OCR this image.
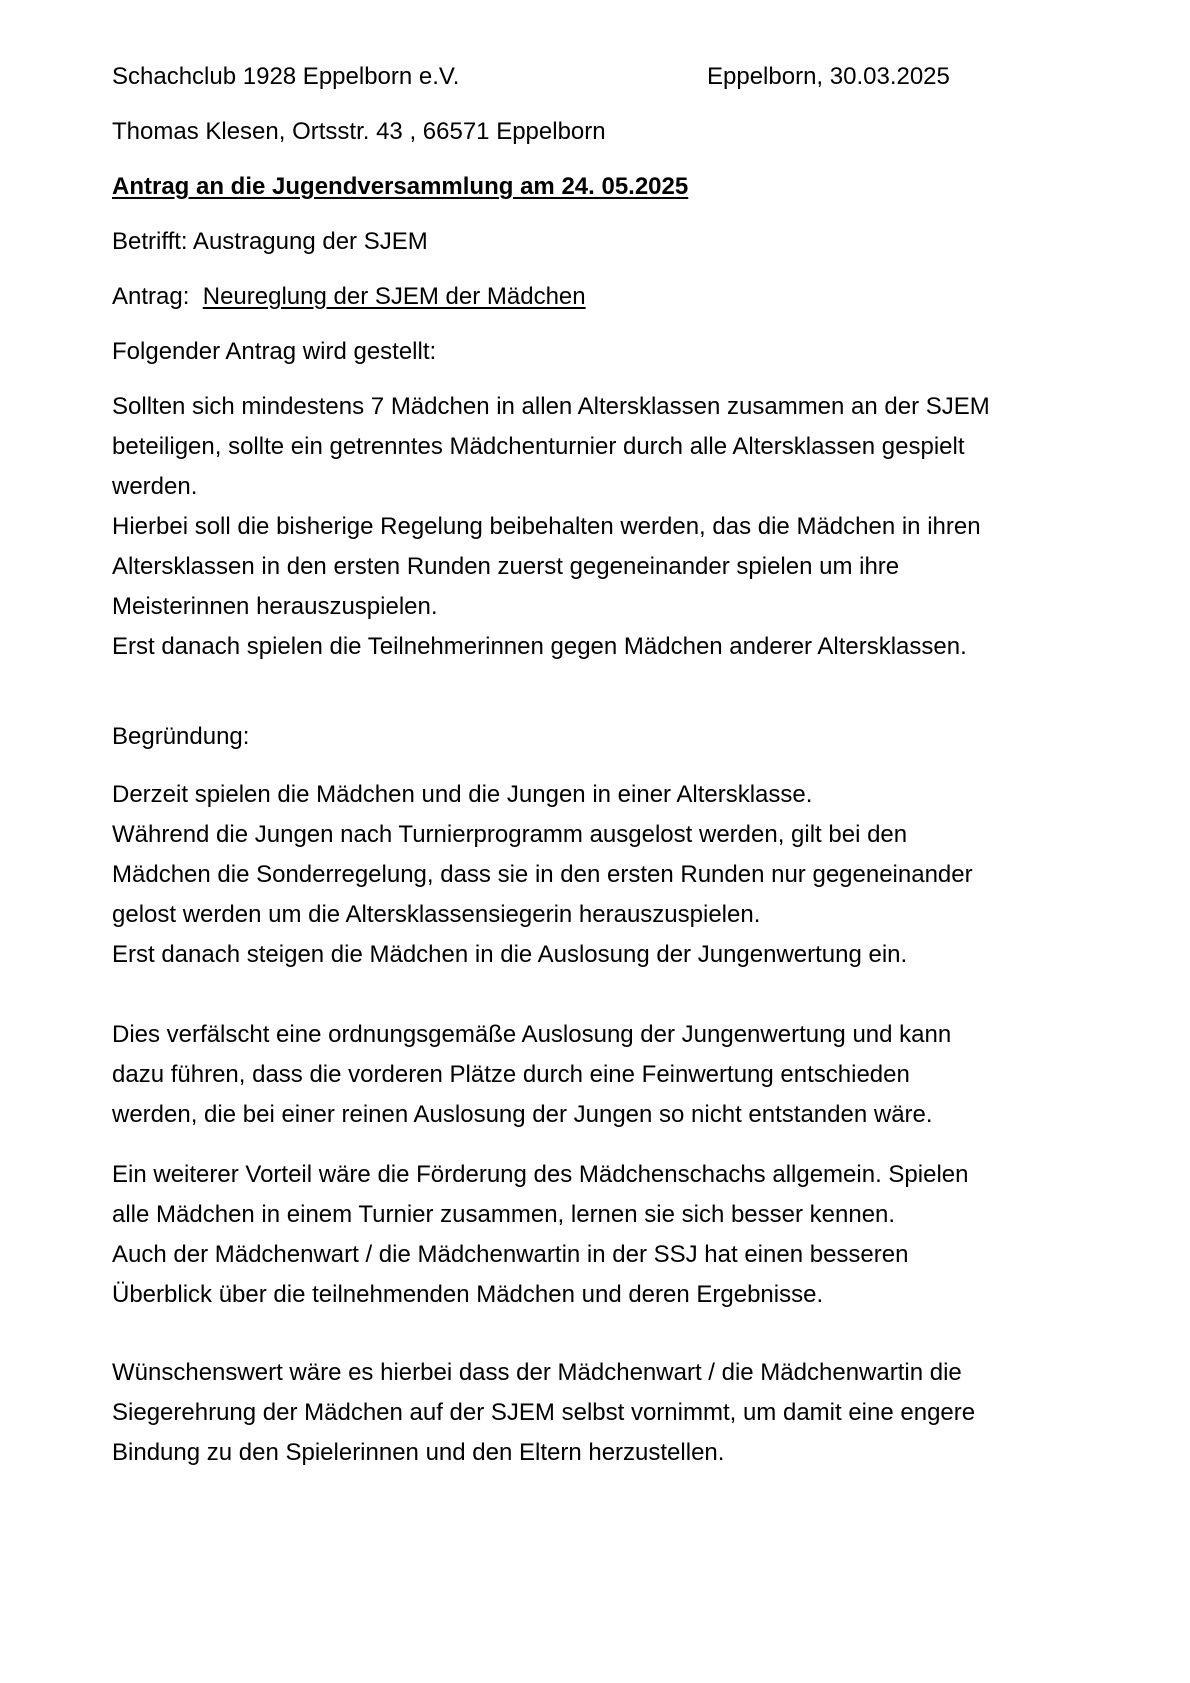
Schachclub 1928 Eppelborn e.V.	Eppelborn, 30.03.2025
Thomas Klesen, Ortsstr. 43 , 66571 Eppelborn
Antrag an die Jugendversammlung am 24. 05.2025
Betrifft: Austragung der SJEM
Antrag: Neureglung der SJEM der Mädchen
Folgender Antrag wird gestellt:
Sollten sich mindestens 7 Mädchen in allen Altersklassen zusammen an der SJEM
beteiligen, sollte ein getrenntes Mädchenturnier durch alle Altersklassen gespielt
werden.
Hierbei soll die bisherige Regelung beibehalten werden, das die Mädchen in ihren
Altersklassen in den ersten Runden zuerst gegeneinander spielen um ihre
Meisterinnen herauszuspielen.
Erst danach spielen die Teilnehmerinnen gegen Mädchen anderer Altersklassen.
Begründung:
Derzeit spielen die Mädchen und die Jungen in einer Altersklasse.
Während die Jungen nach Turnierprogramm ausgelost werden, gilt bei den
Mädchen die Sonderregelung, dass sie in den ersten Runden nur gegeneinander
gelost werden um die Altersklassensiegerin herauszuspielen.
Erst danach steigen die Mädchen in die Auslosung der Jungenwertung ein.
Dies verfälscht eine ordnungsgemäße Auslosung der Jungenwertung und kann
dazu führen, dass die vorderen Plätze durch eine Feinwertung entschieden
werden, die bei einer reinen Auslosung der Jungen so nicht entstanden wäre.
Ein weiterer Vorteil wäre die Förderung des Mädchenschachs allgemein. Spielen
alle Mädchen in einem Turnier zusammen, lernen sie sich besser kennen.
Auch der Mädchenwart / die Mädchenwartin in der SSJ hat einen besseren
Überblick über die teilnehmenden Mädchen und deren Ergebnisse.
Wünschenswert wäre es hierbei dass der Mädchenwart / die Mädchenwartin die
Siegerehrung der Mädchen auf der SJEM selbst vornimmt, um damit eine engere
Bindung zu den Spielerinnen und den Eltern herzustellen.
